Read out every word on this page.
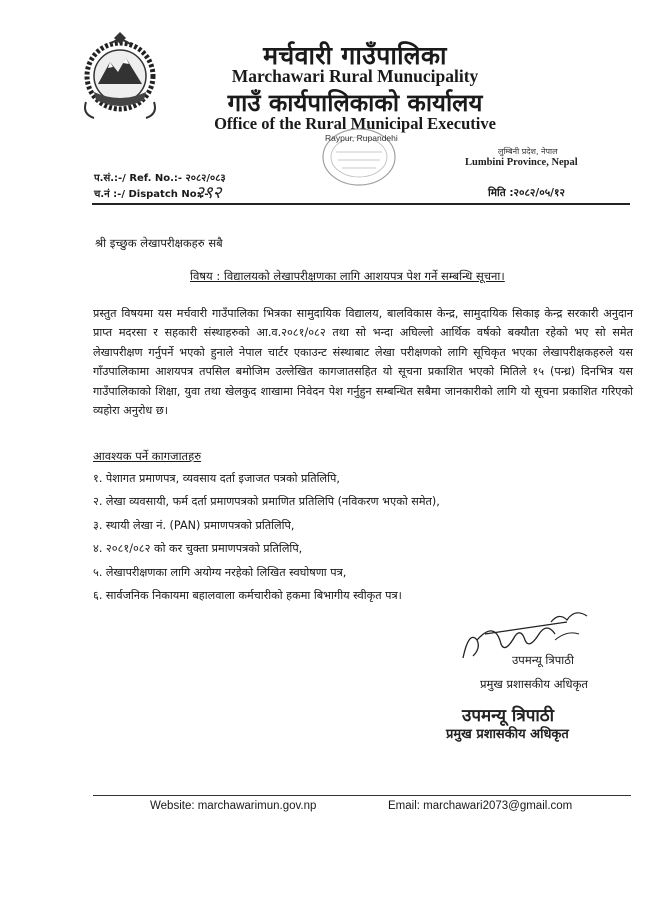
मर्चवारी गाउँपालिका
Marchawari Rural Munucipality
गाउँ कार्यपालिकाको कार्यालय
Office of the Rural Municipal Executive
Raypur, Rupandehi
लुम्बिनी प्रदेश, नेपाल
Lumbini Province, Nepal
प.सं.:-/ Ref. No.:- २०८२/०८३
च.नं :-/ Dispatch No.:-
२९२	मिति :२०८२/०५/१२
श्री इच्छुक लेखापरीक्षकहरु सबै
विषय : विद्यालयको लेखापरीक्षणका लागि आशयपत्र पेश गर्ने सम्बन्धि सूचना।
प्रस्तुत विषयमा यस मर्चवारी गाउँपालिका भित्रका सामुदायिक विद्यालय, बालविकास केन्द्र, सामुदायिक सिकाइ केन्द्र सरकारी अनुदान प्राप्त मदरसा र सहकारी संस्थाहरुको आ.व.२०८१/०८२ तथा सो भन्दा अघिल्लो आर्थिक वर्षको बक्यौता रहेको भए सो समेत लेखापरीक्षण गर्नुपर्ने भएको हुनाले नेपाल चार्टर एकाउन्ट संस्थाबाट लेखा परीक्षणको लागि सूचिकृत भएका लेखापरीक्षकहरुले यस गाँउपालिकामा आशयपत्र तपसिल बमोजिम उल्लेखित कागजातसहित यो सूचना प्रकाशित भएको मितिले १५ (पन्ध्र) दिनभित्र यस गाउँपालिकाको शिक्षा, युवा तथा खेलकुद शाखामा निवेदन पेश गर्नुहुन सम्बन्धित सबैमा जानकारीको लागि यो सूचना प्रकाशित गरिएको व्यहोरा अनुरोध छ।
आवश्यक पर्ने कागजातहरु
१. पेशागत प्रमाणपत्र, व्यवसाय दर्ता इजाजत पत्रको प्रतिलिपि,
२. लेखा व्यवसायी, फर्म दर्ता प्रमाणपत्रको प्रमाणित प्रतिलिपि (नविकरण भएको समेत),
३. स्थायी लेखा नं. (PAN) प्रमाणपत्रको प्रतिलिपि,
४. २०८१/०८२ को कर चुक्ता प्रमाणपत्रको प्रतिलिपि,
५. लेखापरीक्षणका लागि अयोग्य नरहेको लिखित स्वघोषणा पत्र,
६. सार्वजनिक निकायमा बहालवाला कर्मचारीको हकमा बिभागीय स्वीकृत पत्र।
उपमन्यू त्रिपाठी
प्रमुख प्रशासकीय अधिकृत
उपमन्यू त्रिपाठी
प्रमुख प्रशासकीय अधिकृत
Website: marchawarimun.gov.np	Email: marchawari2073@gmail.com
